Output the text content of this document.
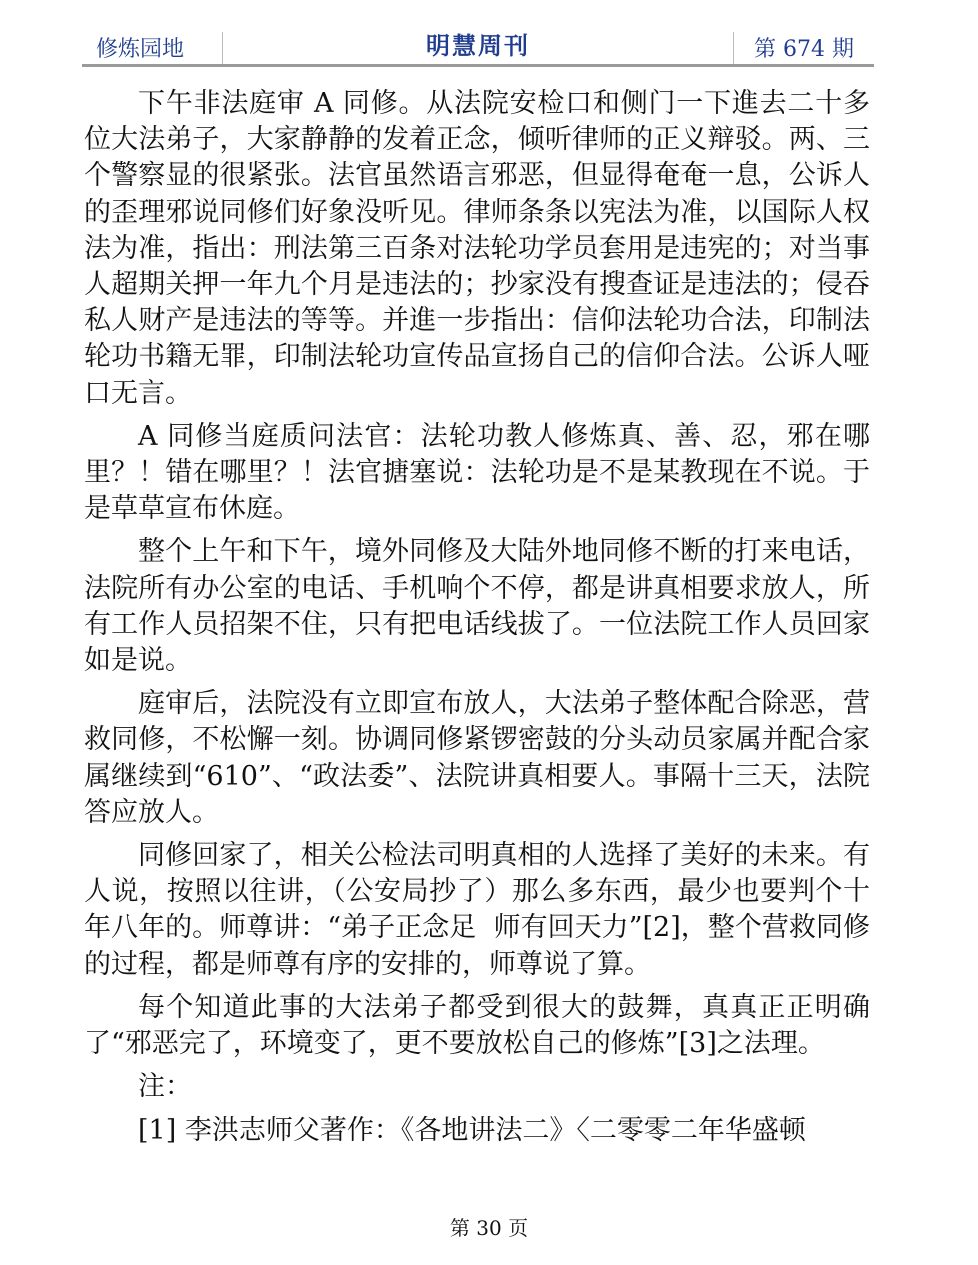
修炼园地	明慧周刊	第 674 期

下午非法庭审 A 同修。从法院安检口和侧门一下進去二十多位大法弟子，大家静静的发着正念，倾听律师的正义辩驳。两、三个警察显的很紧张。法官虽然语言邪恶，但显得奄奄一息，公诉人的歪理邪说同修们好象没听见。律师条条以宪法为准，以国际人权法为准，指出：刑法第三百条对法轮功学员套用是违宪的；对当事人超期关押一年九个月是违法的；抄家没有搜查证是违法的；侵吞私人财产是违法的等等。并進一步指出：信仰法轮功合法，印制法轮功书籍无罪，印制法轮功宣传品宣扬自己的信仰合法。公诉人哑口无言。

A 同修当庭质问法官：法轮功教人修炼真、善、忍，邪在哪里？！错在哪里？！法官搪塞说：法轮功是不是某教现在不说。于是草草宣布休庭。

整个上午和下午，境外同修及大陆外地同修不断的打来电话，法院所有办公室的电话、手机响个不停，都是讲真相要求放人，所有工作人员招架不住，只有把电话线拔了。一位法院工作人员回家如是说。

庭审后，法院没有立即宣布放人，大法弟子整体配合除恶，营救同修，不松懈一刻。协调同修紧锣密鼓的分头动员家属并配合家属继续到“610”、“政法委”、法院讲真相要人。事隔十三天，法院答应放人。

同修回家了，相关公检法司明真相的人选择了美好的未来。有人说，按照以往讲，（公安局抄了）那么多东西，最少也要判个十年八年的。师尊讲：“弟子正念足  师有回天力”[2]，整个营救同修的过程，都是师尊有序的安排的，师尊说了算。

每个知道此事的大法弟子都受到很大的鼓舞，真真正正明确了“邪恶完了，环境变了，更不要放松自己的修炼”[3]之法理。

注：

[1] 李洪志师父著作：《各地讲法二》〈二零零二年华盛顿

第 30 页
